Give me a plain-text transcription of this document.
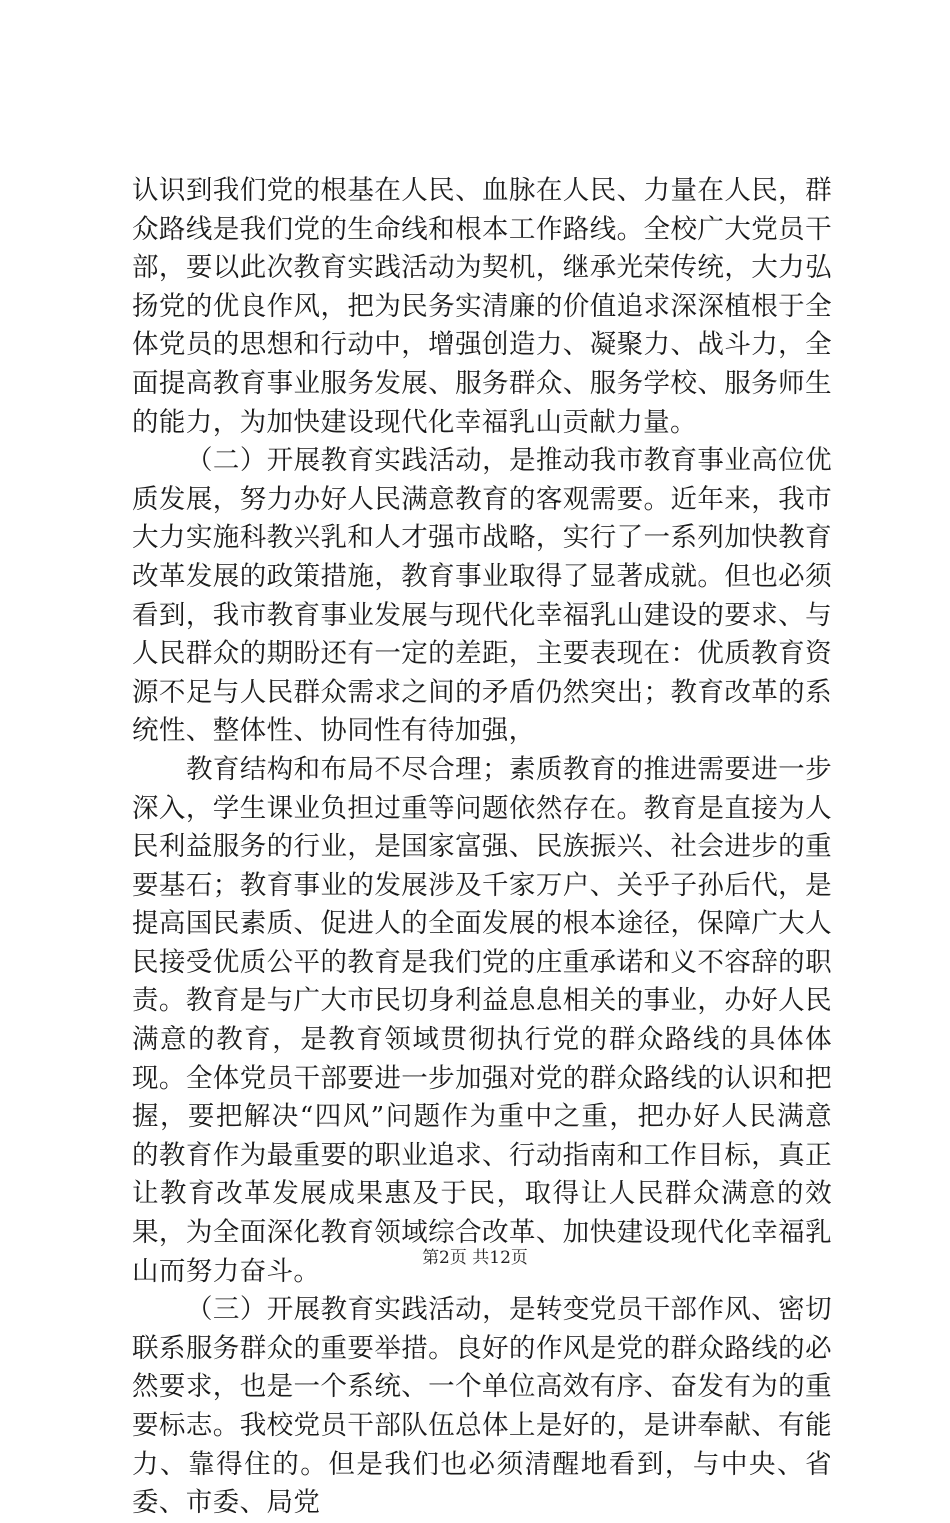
认识到我们党的根基在人民、血脉在人民、力量在人民，群众路线是我们党的生命线和根本工作路线。全校广大党员干部，要以此次教育实践活动为契机，继承光荣传统，大力弘扬党的优良作风，把为民务实清廉的价值追求深深植根于全体党员的思想和行动中，增强创造力、凝聚力、战斗力，全面提高教育事业服务发展、服务群众、服务学校、服务师生的能力，为加快建设现代化幸福乳山贡献力量。

（二）开展教育实践活动，是推动我市教育事业高位优质发展，努力办好人民满意教育的客观需要。近年来，我市大力实施科教兴乳和人才强市战略，实行了一系列加快教育改革发展的政策措施，教育事业取得了显著成就。但也必须看到，我市教育事业发展与现代化幸福乳山建设的要求、与人民群众的期盼还有一定的差距，主要表现在：优质教育资源不足与人民群众需求之间的矛盾仍然突出；教育改革的系统性、整体性、协同性有待加强，

教育结构和布局不尽合理；素质教育的推进需要进一步深入，学生课业负担过重等问题依然存在。教育是直接为人民利益服务的行业，是国家富强、民族振兴、社会进步的重要基石；教育事业的发展涉及千家万户、关乎子孙后代，是提高国民素质、促进人的全面发展的根本途径，保障广大人民接受优质公平的教育是我们党的庄重承诺和义不容辞的职责。教育是与广大市民切身利益息息相关的事业，办好人民满意的教育，是教育领域贯彻执行党的群众路线的具体体现。全体党员干部要进一步加强对党的群众路线的认识和把握，要把解决“四风”问题作为重中之重，把办好人民满意的教育作为最重要的职业追求、行动指南和工作目标，真正让教育改革发展成果惠及于民，取得让人民群众满意的效果，为全面深化教育领域综合改革、加快建设现代化幸福乳山而努力奋斗。

（三）开展教育实践活动，是转变党员干部作风、密切联系服务群众的重要举措。良好的作风是党的群众路线的必然要求，也是一个系统、一个单位高效有序、奋发有为的重要标志。我校党员干部队伍总体上是好的，是讲奉献、有能力、靠得住的。但是我们也必须清醒地看到，与中央、省委、市委、局党

第2页 共12页
